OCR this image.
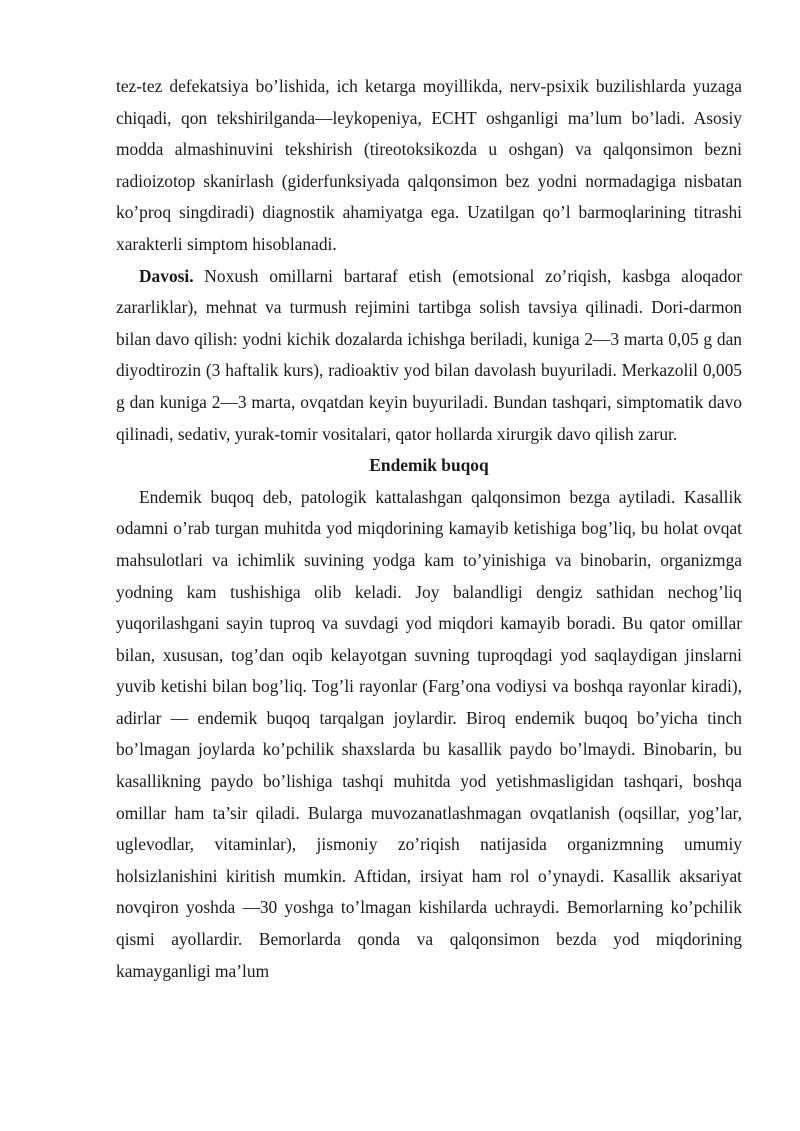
tez-tez defekatsiya bo’lishida, ich ketarga moyillikda, nerv-psixik buzilishlarda yuzaga chiqadi, qon tekshirilganda—leykopeniya, ECHT oshganligi ma’lum bo’ladi. Asosiy modda almashinuvini tekshirish (tireotoksikozda u oshgan) va qalqonsimon bezni radioizotop skanirlash (giderfunksiyada qalqonsimon bez yodni normadagiga nisbatan ko’proq singdiradi) diagnostik ahamiyatga ega. Uzatilgan qo’l barmoqlarining titrashi xarakterli simptom hisoblanadi.

Davosi. Noxush omillarni bartaraf etish (emotsional zo’riqish, kasbga aloqador zararliklar), mehnat va turmush rejimini tartibga solish tavsiya qilinadi. Dori-darmon bilan davo qilish: yodni kichik dozalarda ichishga beriladi, kuniga 2—3 marta 0,05 g dan diyodtirozin (3 haftalik kurs), radioaktiv yod bilan davolash buyuriladi. Merkazolil 0,005 g dan kuniga 2—3 marta, ovqatdan keyin buyuriladi. Bundan tashqari, simptomatik davo qilinadi, sedativ, yurak-tomir vositalari, qator hollarda xirurgik davo qilish zarur.

Endemik buqoq

Endemik buqoq deb, patologik kattalashgan qalqonsimon bezga aytiladi. Kasallik odamni o’rab turgan muhitda yod miqdorining kamayib ketishiga bog’liq, bu holat ovqat mahsulotlari va ichimlik suvining yodga kam to’yinishiga va binobarin, organizmga yodning kam tushishiga olib keladi. Joy balandligi dengiz sathidan nechog’liq yuqorilashgani sayin tuproq va suvdagi yod miqdori kamayib boradi. Bu qator omillar bilan, xususan, tog’dan oqib kelayotgan suvning tuproqdagi yod saqlaydigan jinslarni yuvib ketishi bilan bog’liq. Tog’li rayonlar (Farg’ona vodiysi va boshqa rayonlar kiradi), adirlar — endemik buqoq tarqalgan joylardir. Biroq endemik buqoq bo’yicha tinch bo’lmagan joylarda ko’pchilik shaxslarda bu kasallik paydo bo’lmaydi. Binobarin, bu kasallikning paydo bo’lishiga tashqi muhitda yod yetishmasligidan tashqari, boshqa omillar ham ta’sir qiladi. Bularga muvozanatlashmagan ovqatlanish (oqsillar, yog’lar, uglevodlar, vitaminlar), jismoniy zo’riqish natijasida organizmning umumiy holsizlanishini kiritish mumkin. Aftidan, irsiyat ham rol o’ynaydi. Kasallik aksariyat novqiron yoshda —30 yoshga to’lmagan kishilarda uchraydi. Bemorlarning ko’pchilik qismi ayollardir. Bemorlarda qonda va qalqonsimon bezda yod miqdorining kamayganligi ma’lum
